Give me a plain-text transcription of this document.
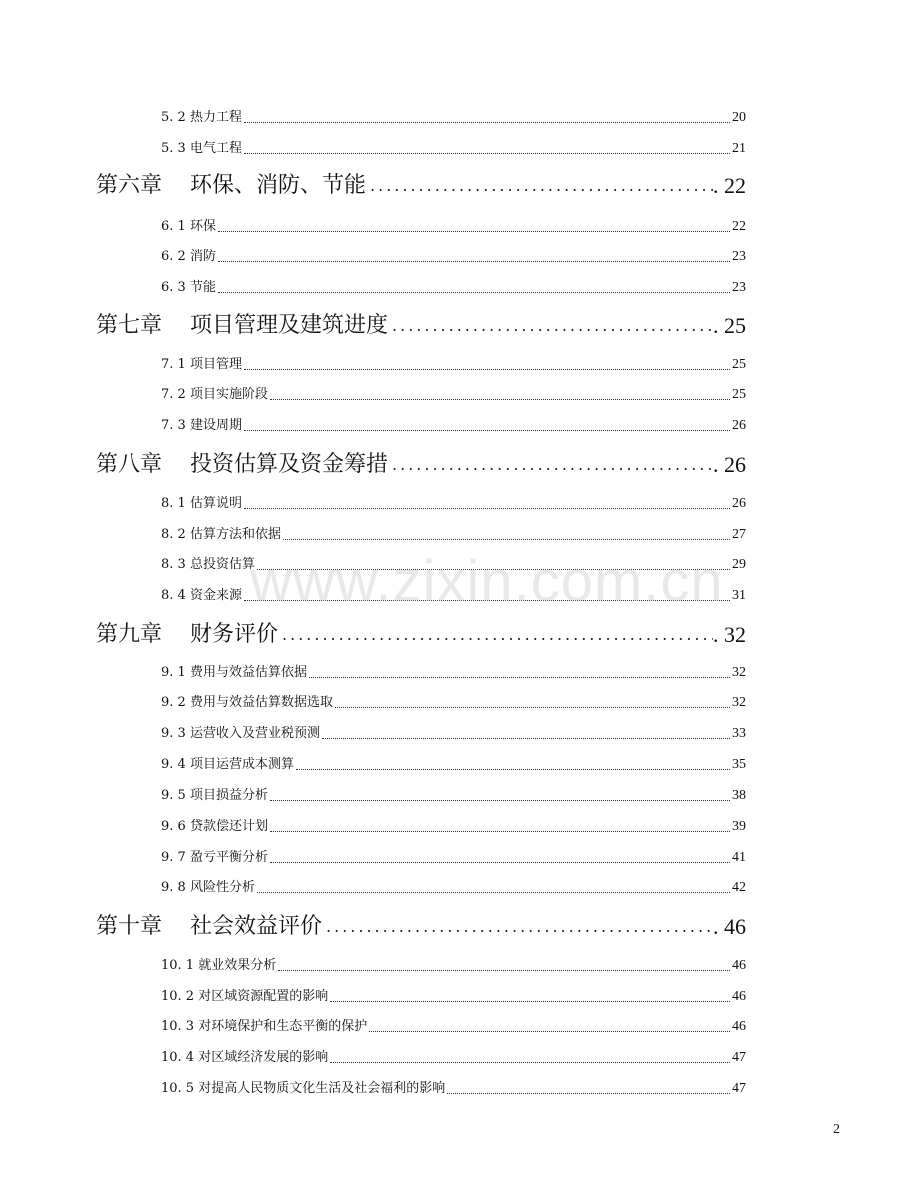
5. 2 热力工程	20
5. 3 电气工程	21
第六章 环保、消防、节能 .....	. 22
6. 1 环保	22
6. 2 消防	23
6. 3 节能	23
第七章 项目管理及建筑进度 .....	. 25
7. 1 项目管理	25
7. 2 项目实施阶段	25
7. 3 建设周期	26
第八章 投资估算及资金筹措 .....	. 26
8. 1 估算说明	26
8. 2 估算方法和依据	27
8. 3 总投资估算	29
8. 4 资金来源	31
第九章 财务评价 .....	. 32
9. 1 费用与效益估算依据	32
9. 2 费用与效益估算数据选取	32
9. 3 运营收入及营业税预测	33
9. 4 项目运营成本测算	35
9. 5 项目损益分析	38
9. 6 贷款偿还计划	39
9. 7 盈亏平衡分析	41
9. 8 风险性分析	42
第十章 社会效益评价 .....	. 46
10. 1 就业效果分析	46
10. 2 对区域资源配置的影响	46
10. 3 对环境保护和生态平衡的保护	46
10. 4 对区域经济发展的影响	47
10. 5 对提高人民物质文化生活及社会福利的影响	47
www.zixin.com.cn
2
